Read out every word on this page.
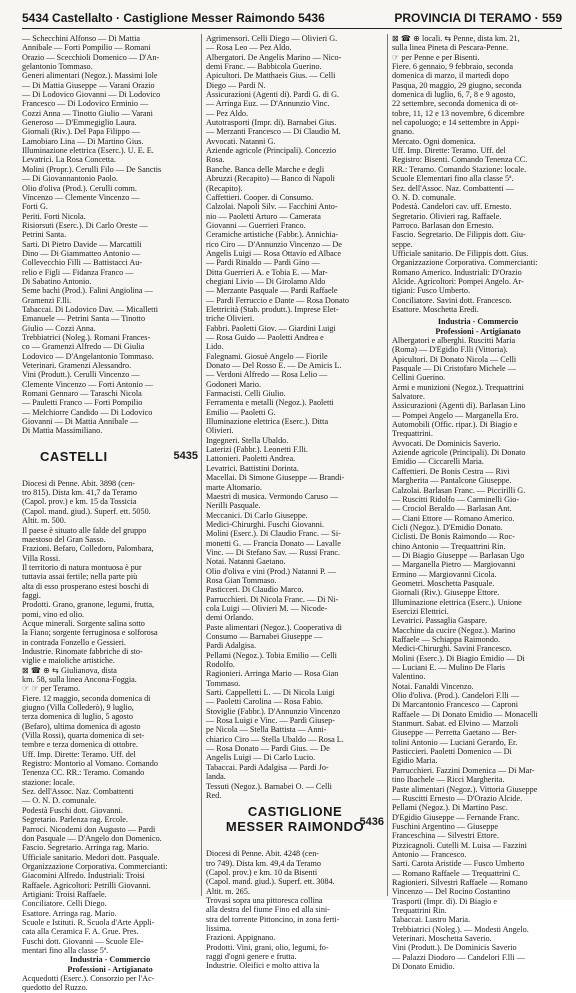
5434 Castellalto · Castiglione Messer Raimondo 5436	PROVINCIA DI TERAMO · 559
— Schecchini Alfonso — Di Mattia
Annibale — Forti Pompilio — Romani
Orazio — Scecchioli Domenico — D'An-
gelantonio Tommaso.
Generi alimentari (Negoz.). Massimi Iole
— Di Mattia Giuseppe — Varani Orazio
— Di Lodovico Giovanni — Di Lodovico
Francesco — Di Lodovico Erminio —
Cozzi Anna — Tinotto Giulio — Varani
Generoso — D'Emmegiglio Laura.
Giornali (Riv.). Del Papa Filippo —
Lamobiaro Lina — Di Martino Gius.
Illuminazione elettrica (Eserc.). U. E. E.
Levatrici. La Rosa Concetta.
Molini (Propr.). Cerulli Filo — De Sanctis
— Di Giovannantonio Paolo.
Olio d'oliva (Prod.). Cerulli comm.
Vincenzo — Clemente Vincenzo —
Forti G.
Periti. Forti Nicola.
Risiorsuti (Eserc.). Di Carlo Oreste —
Petrini Santa.
Sarti. Di Pietro Davide — Marcattili
Dino — Di Giammatteo Antonio —
Collevecchio Filli — Battistacci Au-
relio e Figli — Fidanza Franco —
Di Sabatino Antonio.
Seme bachi (Prod.). Falini Angiolina —
Gramenzi F.lli.
Tabaccai. Di Lodovico Dav. — Micalletti
Emanuele — Petrini Santa — Tinotto
Giulio — Cozzi Anna.
Trebbiatrici (Noleg.). Romani Frances-
co — Gramenzi Alfredo — Di Giulia
Lodovico — D'Angelantonio Tommaso.
Veterinari. Gramenzi Alessandro.
Vini (Produtt.). Cerulli Vincenzo —
Clemente Vincenzo — Forti Antonio —
Romani Gennaro — Taraschi Nicola
— Pauletti Franco — Forti Pompilio
— Melchiorre Candido — Di Lodovico
Giovanni — Di Mattia Annibale —
Di Mattia Massimiliano.
CASTELLI	5435
Diocesi di Penne. Abit. 3898 (cen-
tro 815). Dista km. 41,7 da Teramo
(Capol. prov.) e km. 15 da Tossicia
(Capol. mand. giud.). Superf. ett. 5050.
Altit. m. 500.
Il paese è situato alle falde del gruppo
maestoso del Gran Sasso.
Frazioni. Befaro, Colledoro, Palombara,
Villa Rossi.
Il territorio di natura montuosa è pur
tuttavia assai fertile; nella parte più
alta di esso prosperano estesi boschi di
faggi.
Prodotti. Grano, granone, legumi, frutta,
pomi, vino ed olio.
Acque minerali. Sorgente salina sotto
la Fiano; sorgente ferruginosa e solforosa
in contrada Fonzello e Gessieri.
Industrie. Rinomate fabbriche di sto-
viglie e maioliche artistiche.
⊠ ☎ ⊕ ⇆ Giulianova, dista
km. 58, sulla linea Ancona-Foggia.
☞ ☞ per Teramo.
Fiere. 12 maggio, seconda domenica di
giugno (Villa Collederò), 9 luglio,
terza domenica di luglio, 5 agosto
(Befaro), ultima domenica di agosto
(Villa Rossi), quarta domenica di set-
tembre e terza domenica di ottobre.
Uff. Imp. Dirette: Teramo. Uff. del
Registro: Montorio al Vomano. Comando
Tenenza CC. RR.: Teramo. Comando
stazione: locale.
Sez. dell'Assoc. Naz. Combattenti
— O. N. D. comunale.
Podestà Fuschi dott. Giovanni.
Segretario. Parlenza rag. Ercole.
Parroci. Nicodemi don Augusto — Pardi
don Pasquale — D'Angelo don Domenico.
Fascio. Segretario. Arringa rag. Mario.
Ufficiale sanitario. Medori dott. Pasquale.
Organizzazione Corporativa. Commercianti:
Giacomini Alfredo. Industriali: Troisi
Raffaele. Agricoltori: Petrilli Giovanni.
Artigiani: Troisi Raffaele.
Conciliatore. Celli Diego.
Esattore. Arringa rag. Mario.
Scuole e Istituti. R. Scuola d'Arte Appli-
cata alla Ceramica F. A. Grue. Pres.
Fuschi dott. Giovanni — Scuole Ele-
mentari fino alla classe 5ª.
Industria - Commercio
Professioni - Artigianato
Acquedotti (Eserc.). Consorzio per l'Ac-
quedotto del Ruzzo.
Agrimensori. Celli Diego — Olivieri G.
— Rosa Leo — Pez Aldo.
Albergatori. De Angelis Marino — Nico-
demi Franc. — Babbicola Guerino.
Apicultori. De Matthaeis Gius. — Celli
Diego — Pardi N.
Assicurazioni (Agenti di). Pardi G. di G.
— Arringa Euz. — D'Annunzio Vinc.
— Pez Aldo.
Autotrasporti (Impr. di). Barnabei Gius.
— Merzanti Francesco — Di Claudio M.
Avvocati. Natanni G.
Aziende agricole (Principali). Concezio
Rosa.
Banche. Banca delle Marche e degli
Abruzzi (Recapito) — Banco di Napoli
(Recapito).
Caffettieri. Cooper. di Consumo.
Calzolai. Napoli Silv. — Facchini Anto-
nio — Paoletti Arturo — Camerata
Giovanni — Guerrieri Franco.
Ceramiche artistiche (Fabbr.). Annichia-
rico Ciro — D'Annunzio Vincenzo — De
Angelis Luigi — Rosa Ottavio ed Albace
— Pardi Rinaldo — Pardi Gino —
Ditta Guerrieri A. e Tobia E. — Mar-
chegiani Livio — Di Girolamo Aldo
— Merzante Pasquale — Pardi Raffaele
— Pardi Ferruccio e Dante — Rosa Donato
Elettricità (Stab. produtt.). Imprese Elet-
triche Olivieri.
Fabbri. Paoletti Giov. — Giardini Luigi
— Rosa Guido — Paoletti Andrea e
Lido.
Falegnami. Giosuè Angelo — Fiorile
Donato — Del Rosso E. — De Amicis L.
— Verdoni Alfredo — Rosa Lelio —
Godoneri Mario.
Farmacisti. Celli Giulio.
Ferramenta e metalli (Negoz.). Paoletti
Emilio — Paoletti G.
Illuminazione elettrica (Eserc.). Ditta
Olivieri.
Ingegneri. Stella Ubaldo.
Laterizi (Fabbr.). Leonetti F.lli.
Lattonieri. Paoletti Andrea.
Levatrici. Battistini Dorinta.
Macellai. Di Simone Giuseppe — Brandi-
marte Altomario.
Maestri di musica. Vermondo Caruso —
Nerilli Pasquale.
Meccanici. Di Carlo Giuseppe.
Medici-Chirurghi. Fuschi Giovanni.
Molini (Eserc.). Di Claudio Franc. — Si-
monetti G. — Francia Donato — Lavalle
Vinc. — Di Stefano Sav. — Russi Franc.
Notai. Natanni Gaetano.
Olio d'oliva e vini (Prod.) Natanni P. —
Rosa Gian Tommaso.
Pasticceri. Di Claudio Marco.
Parrucchieri. Di Nicola Franc. — Di Ni-
cola Luigi — Olivieri M. — Nicode-
demi Orlando.
Paste alimentari (Negoz.). Cooperativa di
Consumo — Barnabei Giuseppe —
Pardi Adalgisa.
Pellami (Negoz.). Tobia Emilio — Celli
Rodolfo.
Ragionieri. Arringa Mario — Rosa Gian
Tommaso.
Sarti. Cappelletti L. — Di Nicola Luigi
— Paoletti Carolina — Rosa Fabio.
Stoviglie (Fabbr.). D'Annunzio Vincenzo
— Rosa Luigi e Vinc. — Pardi Giusep-
pe Nicola — Stella Battista — Anni-
chiarico Ciro — Stella Ubaldo — Rosa L.
— Rosa Donato — Pardi Gius. — De
Angelis Luigi — Di Carlo Lucio.
Tabaccai. Pardi Adalgisa — Pardi Jo-
landa.
Tessuti (Negoz.). Barnabei O. — Celli
Red.
CASTIGLIONE
MESSER RAIMONDO
5436
Diocesi di Penne. Abit. 4248 (cen-
tro 749). Dista km. 49,4 da Teramo
(Capol. prov.) e km. 10 da Bisenti
(Capol. mand. giud.). Superf. ett. 3084.
Altit. m. 265.
Trovasi sopra una pittoresca collina
alla destra del fiume Fino ed alla sini-
stra del torrente Pittoncino, in zona ferti-
lissima.
Frazioni. Appignano.
Prodotti. Vini, grani, olio, legumi, fo-
raggi d'ogni genere e frutta.
Industrie. Oleifici e molto attiva la
⊠ ☎ ⊕ locali. ⇆ Penne, dista km. 21,
sulla linea Pineta di Pescara-Penne.
☞ per Penne e per Bisenti.
Fiere. 6 gennaio, 9 febbraio, seconda
domenica di marzo, il martedì dopo
Pasqua, 20 maggio, 29 giugno, seconda
domenica di luglio, 6, 7, 8 e 9 agosto,
22 settembre, seconda domenica di ot-
tobre, 11, 12 e 13 novembre, 6 dicembre
nel capoluogo; e 14 settembre in Appi-
gnano.
Mercato. Ogni domenica.
Uff. Imp. Dirette: Teramo. Uff. del
Registro: Bisenti. Comando Tenenza CC.
RR.: Teramo. Comando Stazione: locale.
Scuole Elementari fino alla classe 5ª.
Sez. dell'Assoc. Naz. Combattenti —
O. N. D. comunale.
Podestà. Candelori cav. uff. Ernesto.
Segretario. Olivieri rag. Raffaele.
Parroco. Barlasan don Ernesto.
Fascio. Segretario. De Filippis dott. Giu-
seppe.
Ufficiale sanitario. De Filippis dott. Gius.
Organizzazione Corporativa. Commercianti:
Romano Americo. Industriali: D'Orazio
Alcide. Agricoltori: Pompei Angelo. Ar-
tigiani: Fusco Umberto.
Conciliatore. Savini dott. Francesco.
Esattore. Moschetta Eredi.
Industria - Commercio
Professioni - Artigianato
Albergatori e alberghi. Ruscitti Maria
(Roma) — D'Egidio F.lli (Vittoria).
Apicultori. Di Donato Nicola — Celli
Pasquale — Di Cristofaro Michele —
Cellini Guerino.
Armi e munizioni (Negoz.). Trequattrini
Salvatore.
Assicurazioni (Agenti di). Barlasan Lino
— Pompei Angelo — Marganella Ero.
Automobili (Offic. ripar.). Di Biagio e
Trequattrini.
Avvocati. De Dominicis Saverio.
Aziende agricole (Principali). Di Donato
Emidio — Ciccarelli Maria.
Caffettieri. De Bonis Cestra — Rivi
Margherita — Pantalcone Giuseppe.
Calzolai. Barlasan Franc. — Piccirilli G.
— Ruscitti Ridolfo — Carminelli Gio-
— Crociol Beraldo — Barlasan Ant.
— Ciani Ettore — Romano Americo.
Cicli (Negoz.). D'Emidio Donato.
Ciclisti. De Bonis Raimondo — Roc-
chino Antonio — Trequattrini Rin.
— Di Biagio Giuseppe — Barlasan Ugo
— Marganella Pietro — Margiovanni
Ermino — Margiovanni Cicola.
Geometri. Moschetta Pasquale.
Giornali (Riv.). Giuseppe Ettore.
Illuminazione elettrica (Eserc.). Unione
Esercizi Elettrici.
Levatrici. Passaglia Gaspare.
Macchine da cucire (Negoz.). Marino
Raffaele — Schiappa Raimondo.
Medici-Chirurghi. Savini Francesco.
Molini (Eserc.). Di Biagio Emidio — Di
— Luciani E. — Mulino De Flaris
Valentino.
Notai. Fanaldi Vincenzo.
Olio d'oliva. (Prod.). Candelori F.lli —
Di Marcantonio Francesco — Caproni
Raffaele — Di Donato Emidio — Monacelli
Stanmurt. Sabat. ed Elvino — Marzoli
Giuseppe — Perretta Gaetano — Ber-
tolini Antonio — Luciani Gerardo, Er.
Pasticcieri. Paoletti Domenico — Di
Egidio Maria.
Parrucchieri. Fazzini Domenica — Di Mar-
tino Ibachele — Ricci Margherita.
Paste alimentari (Negoz.). Vittoria Giuseppe
— Ruscitti Ernesto — D'Orazio Alcide.
Pellami (Negoz.). Di Martino Pasc.
D'Egidio Giuseppe — Fernande Franc.
Fuschini Argentino — Giuseppe
Franceschina — Silvestri Ettore.
Pizzicagnoli. Cutelli M. Luisa — Fazzini
Antonio — Francesco.
Sarti. Carota Aristide — Fusco Umberto
— Romano Raffaele — Trequattrini C.
Ragionieri. Silvestri Raffaele — Romano
Vincenzo — Del Rocino Costantino
Trasporti (Impr. di). Di Biagio e
Trequattrini Rin.
Tabaccai. Lustro Maria.
Trebbiatrici (Noleg.). — Modesti Angelo.
Veterinari. Moschetta Saverio.
Vini (Produtt.). De Dominicis Saverio
— Palazzi Diodoro — Candelori F.lli —
Di Donato Emidio.
